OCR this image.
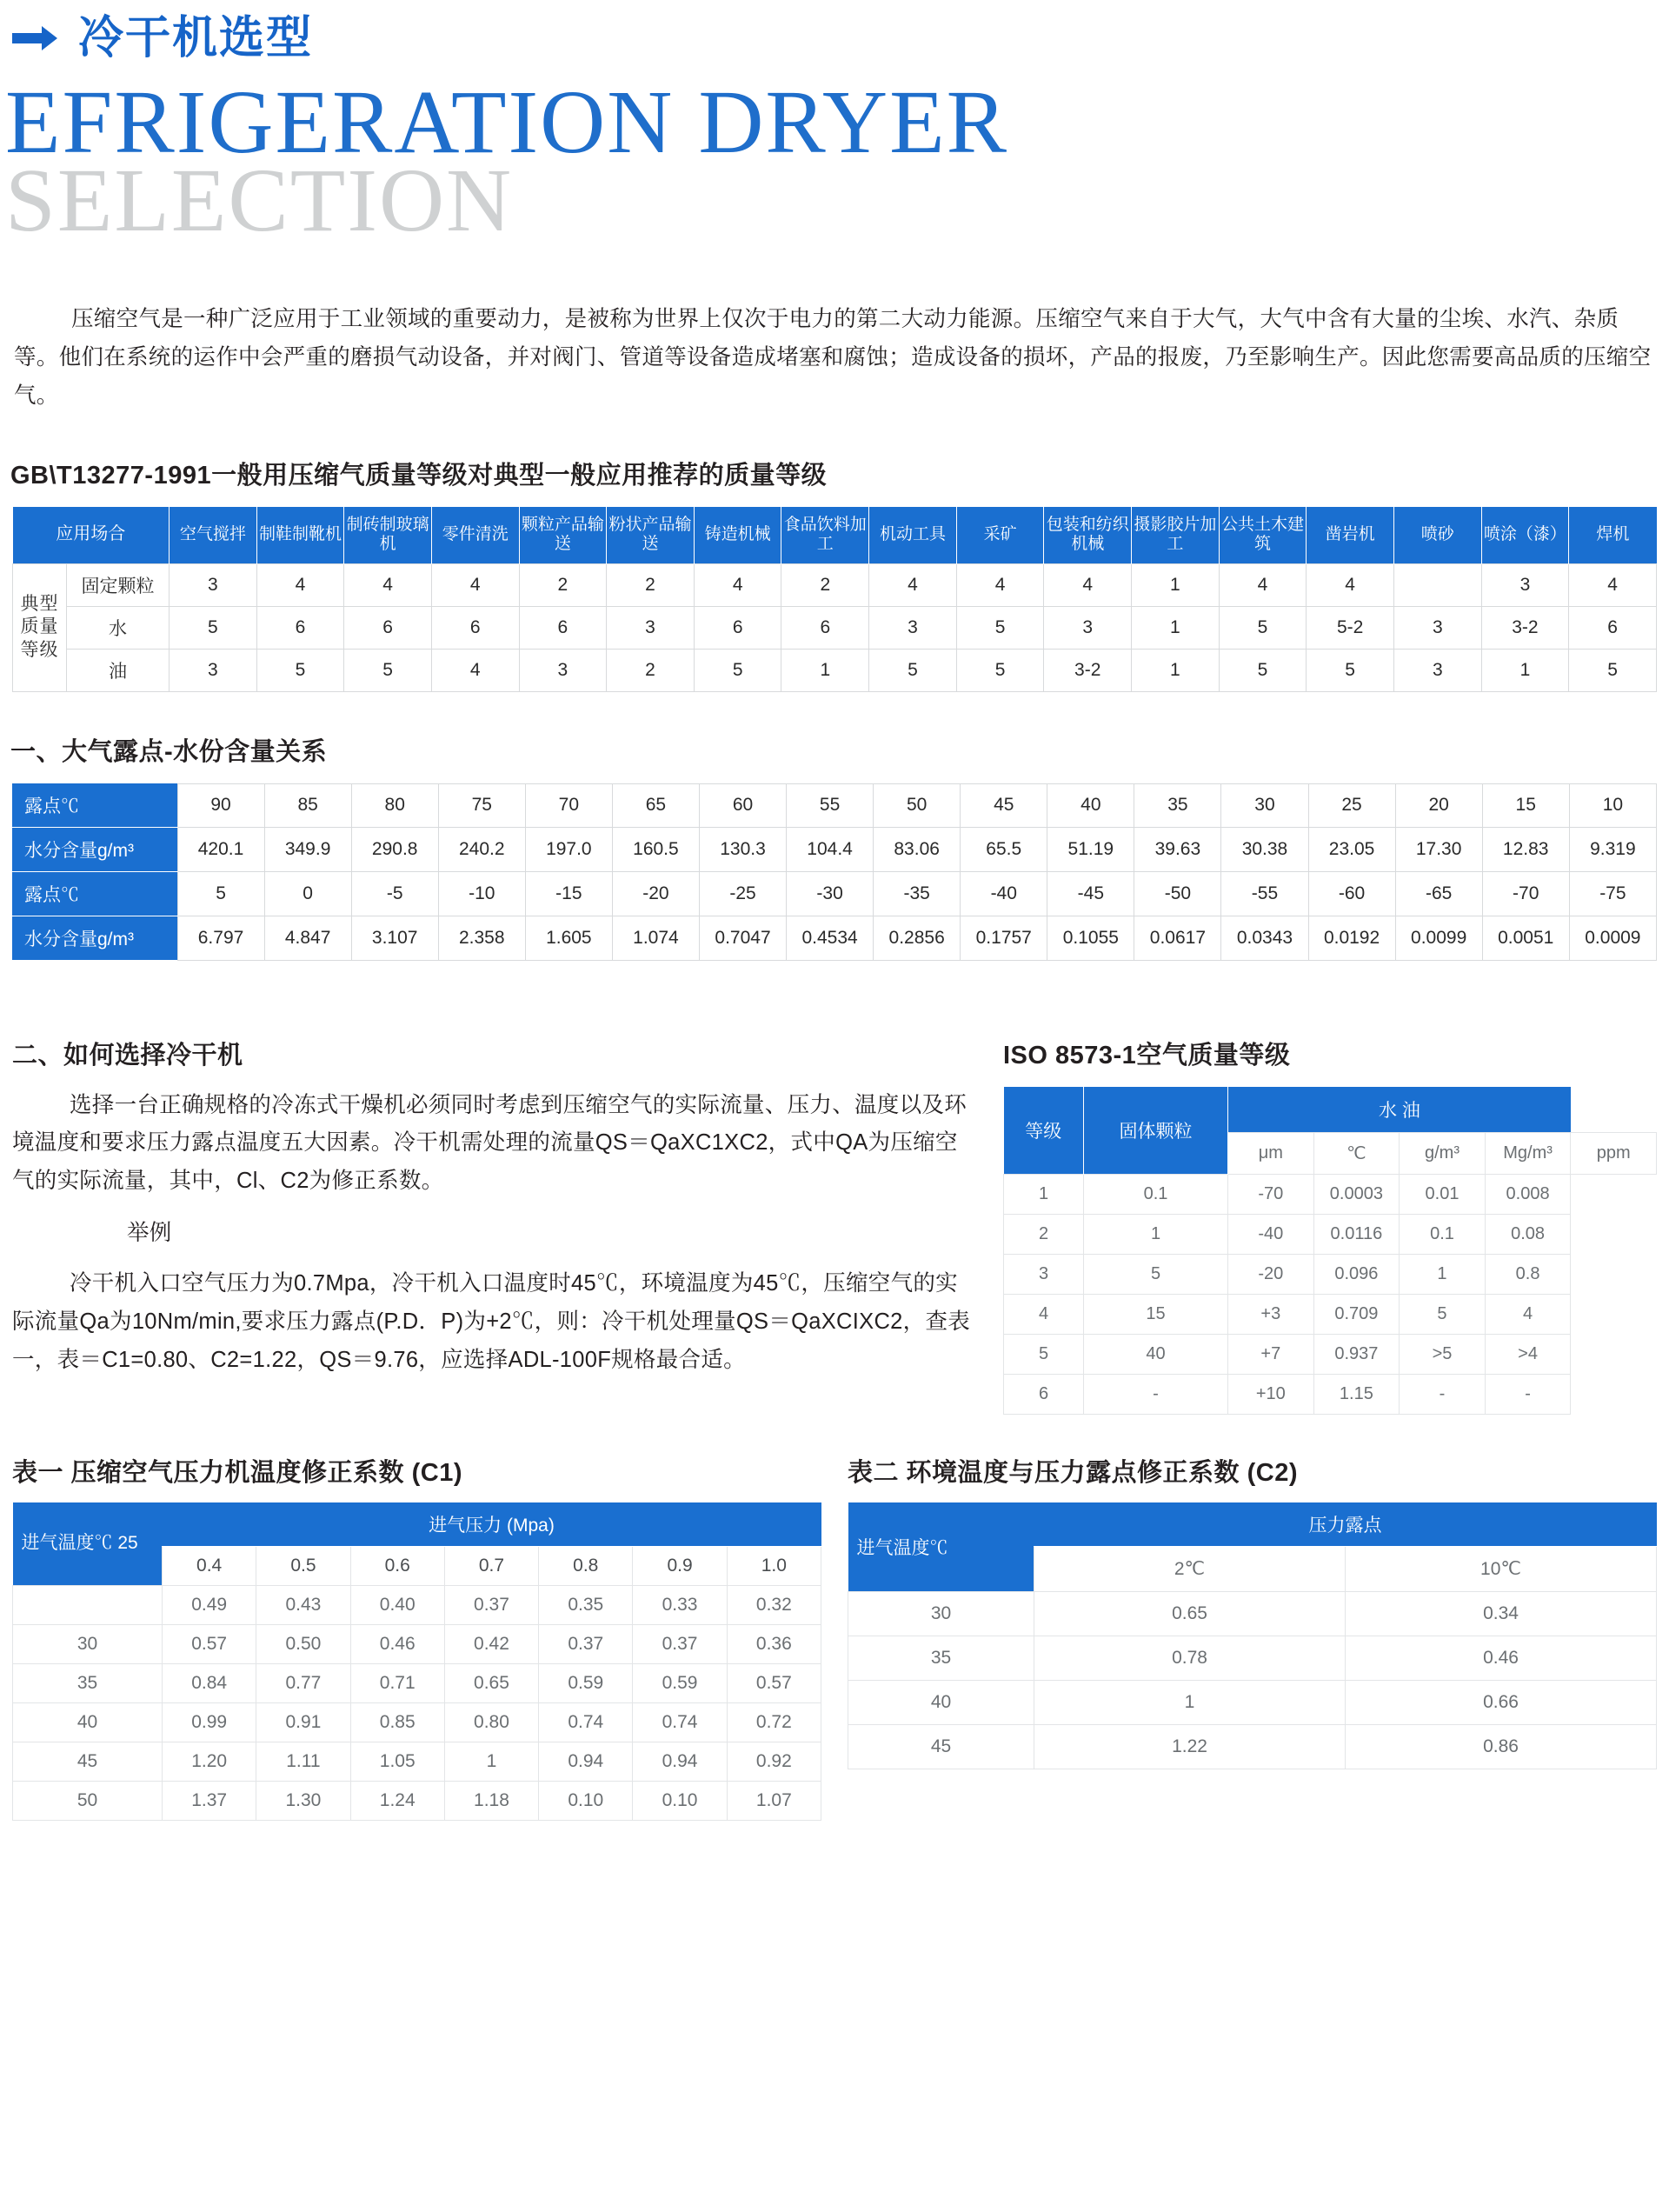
冷干机选型
EFRIGERATION DRYER
SELECTION

压缩空气是一种广泛应用于工业领域的重要动力，是被称为世界上仅次于电力的第二大动力能源。压缩空气来自于大气，大气中含有大量的尘埃、水汽、杂质等。他们在系统的运作中会严重的磨损气动设备，并对阀门、管道等设备造成堵塞和腐蚀；造成设备的损坏，产品的报废，乃至影响生产。因此您需要高品质的压缩空气。

GB\T13277-1991一般用压缩气质量等级对典型一般应用推荐的质量等级
应用场合		空气搅拌	制鞋制靴机	制砖制玻璃机	零件清洗	颗粒产品输送	粉状产品输送	铸造机械	食品饮料加工	机动工具	采矿	包装和纺织机械	摄影胶片加工	公共土木建筑	凿岩机	喷砂	喷涂（漆）	焊机
典型质量等级	固定颗粒	3	4	4	4	2	2	4	2	4	4	4	1	4	4		3	4
	水	5	6	6	6	6	3	6	6	3	5	3	1	5	5-2	3	3-2	6
	油	3	5	5	4	3	2	5	1	5	5	3-2	1	5	5	3	1	5
一、大气露点-水份含量关系
露点℃	90	85	80	75	70	65	60	55	50	45	40	35	30	25	20	15	10
水分含量g/m³	420.1	349.9	290.8	240.2	197.0	160.5	130.3	104.4	83.06	65.5	51.19	39.63	30.38	23.05	17.30	12.83	9.319
露点℃	5	0	-5	-10	-15	-20	-25	-30	-35	-40	-45	-50	-55	-60	-65	-70	-75
水分含量g/m³	6.797	4.847	3.107	2.358	1.605	1.074	0.7047	0.4534	0.2856	0.1757	0.1055	0.0617	0.0343	0.0192	0.0099	0.0051	0.0009
二、如何选择冷干机

选择一台正确规格的冷冻式干燥机必须同时考虑到压缩空气的实际流量、压力、温度以及环境温度和要求压力露点温度五大因素。冷干机需处理的流量QS＝QaXC1XC2，式中QA为压缩空气的实际流量，其中，Cl、C2为修正系数。

举例

冷干机入口空气压力为0.7Mpa，冷干机入口温度时45℃，环境温度为45℃，压缩空气的实际流量Qa为10Nm/min,要求压力露点(P.D．P)为+2℃，则：冷干机处理量QS＝QaXCIXC2，查表一，表＝C1=0.80、C2=1.22，QS＝9.76，应选择ADL-100F规格最合适。

ISO 8573-1空气质量等级
等级	固体颗粒	水 油				
		μm	℃	g/m³	Mg/m³	ppm
1	0.1	-70	0.0003	0.01	0.008	
2	1	-40	0.0116	0.1	0.08	
3	5	-20	0.096	1	0.8	
4	15	+3	0.709	5	4	
5	40	+7	0.937	>5	>4	
6	-	+10	1.15	-	-	
表一 压缩空气压力机温度修正系数 (C1)
进气温度℃ 25	进气压力 (Mpa)						
	0.4	0.5	0.6	0.7	0.8	0.9	1.0
	0.49	0.43	0.40	0.37	0.35	0.33	0.32
30	0.57	0.50	0.46	0.42	0.37	0.37	0.36
35	0.84	0.77	0.71	0.65	0.59	0.59	0.57
40	0.99	0.91	0.85	0.80	0.74	0.74	0.72
45	1.20	1.11	1.05	1	0.94	0.94	0.92
50	1.37	1.30	1.24	1.18	0.10	0.10	1.07
表二 环境温度与压力露点修正系数 (C2)
进气温度℃	压力露点	
	2℃	10℃
30	0.65	0.34
35	0.78	0.46
40	1	0.66
45	1.22	0.86
